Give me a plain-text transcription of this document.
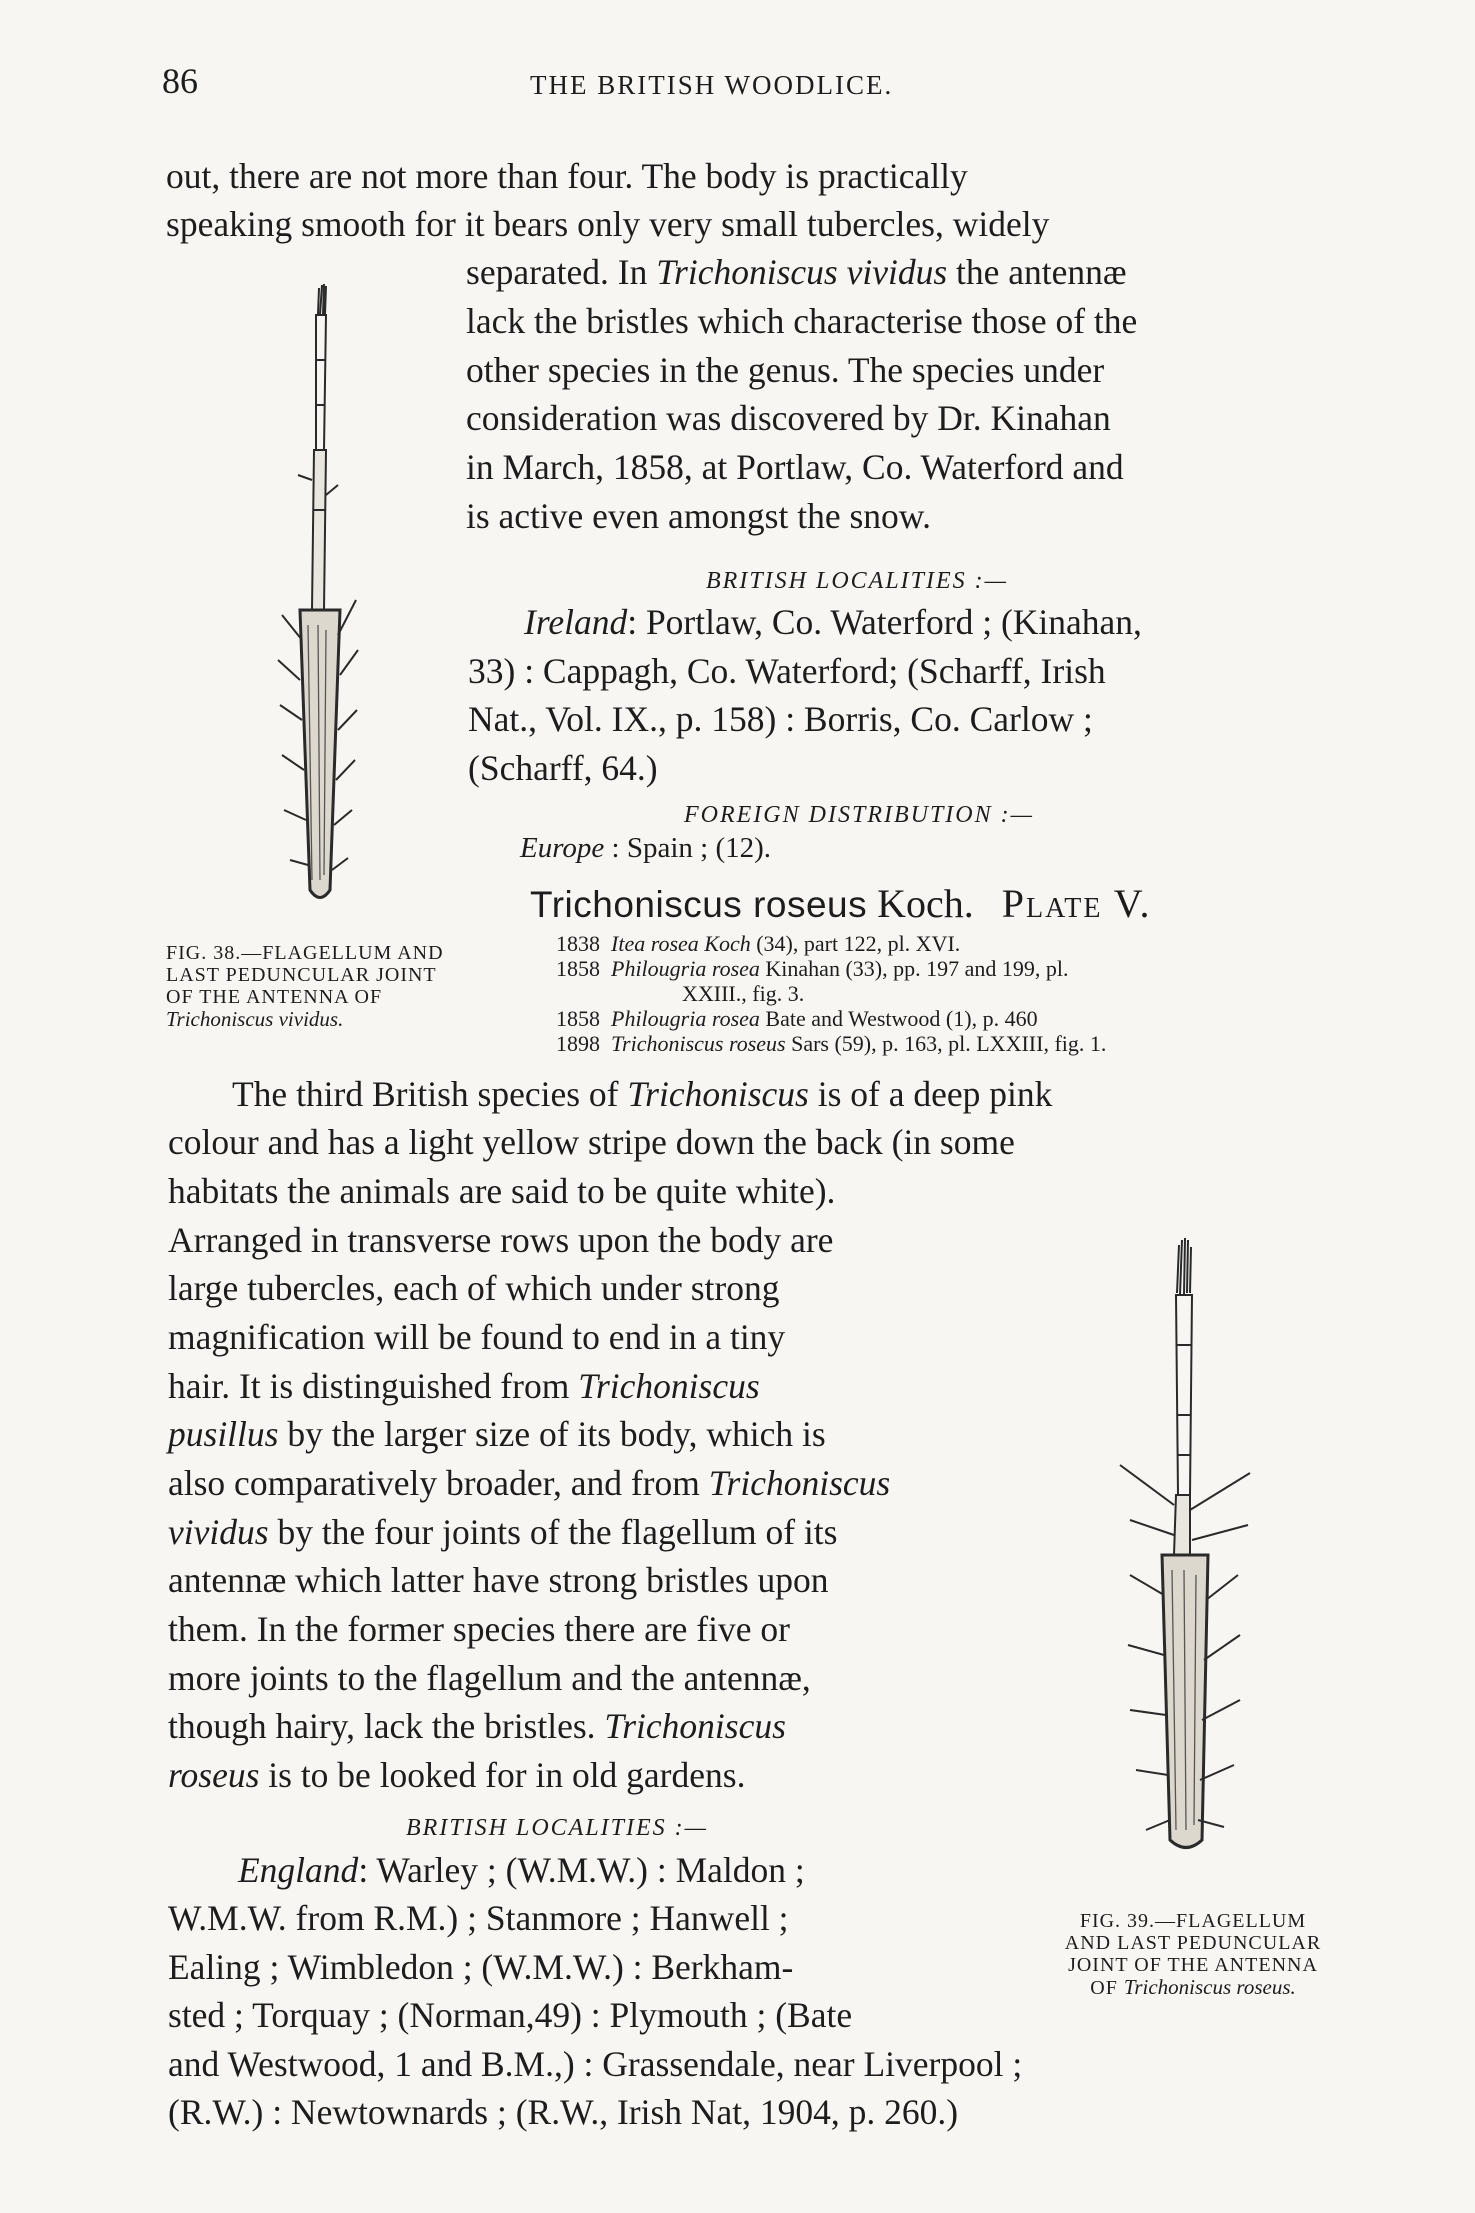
86	THE BRITISH WOODLICE.
out, there are not more than four. The body is practically
speaking smooth for it bears only very small tubercles, widely
separated. In Trichoniscus vividus the antennæ
lack the bristles which characterise those of the
other species in the genus. The species under
consideration was discovered by Dr. Kinahan
in March, 1858, at Portlaw, Co. Waterford and
is active even amongst the snow.
BRITISH LOCALITIES :—
Ireland: Portlaw, Co. Waterford ; (Kinahan,
33) : Cappagh, Co. Waterford; (Scharff, Irish
Nat., Vol. IX., p. 158) : Borris, Co. Carlow ;
(Scharff, 64.)
FOREIGN DISTRIBUTION :—
Europe : Spain ; (12).
Trichoniscus roseus Koch. Plate V.
1838 Itea rosea Koch (34), part 122, pl. XVI.
1858 Philougria rosea Kinahan (33), pp. 197 and 199, pl.
XXIII., fig. 3.
1858 Philougria rosea Bate and Westwood (1), p. 460
1898 Trichoniscus roseus Sars (59), p. 163, pl. LXXIII, fig. 1.
FIG. 38.—FLAGELLUM AND LAST PEDUNCULAR JOINT OF THE ANTENNA OF Trichoniscus vividus.
The third British species of Trichoniscus is of a deep pink
colour and has a light yellow stripe down the back (in some
habitats the animals are said to be quite white).
Arranged in transverse rows upon the body are
large tubercles, each of which under strong
magnification will be found to end in a tiny
hair. It is distinguished from Trichoniscus
pusillus by the larger size of its body, which is
also comparatively broader, and from Trichoniscus
vividus by the four joints of the flagellum of its
antennæ which latter have strong bristles upon
them. In the former species there are five or
more joints to the flagellum and the antennæ,
though hairy, lack the bristles. Trichoniscus
roseus is to be looked for in old gardens.
BRITISH LOCALITIES :—
England: Warley ; (W.M.W.) : Maldon ;
W.M.W. from R.M.) ; Stanmore ; Hanwell ;
Ealing ; Wimbledon ; (W.M.W.) : Berkham-
sted ; Torquay ; (Norman,49) : Plymouth ; (Bate
and Westwood, 1 and B.M.,) : Grassendale, near Liverpool ;
(R.W.) : Newtownards ; (R.W., Irish Nat, 1904, p. 260.)
FIG. 39.—FLAGELLUM AND LAST PEDUNCULAR JOINT OF THE ANTENNA OF Trichoniscus roseus.
